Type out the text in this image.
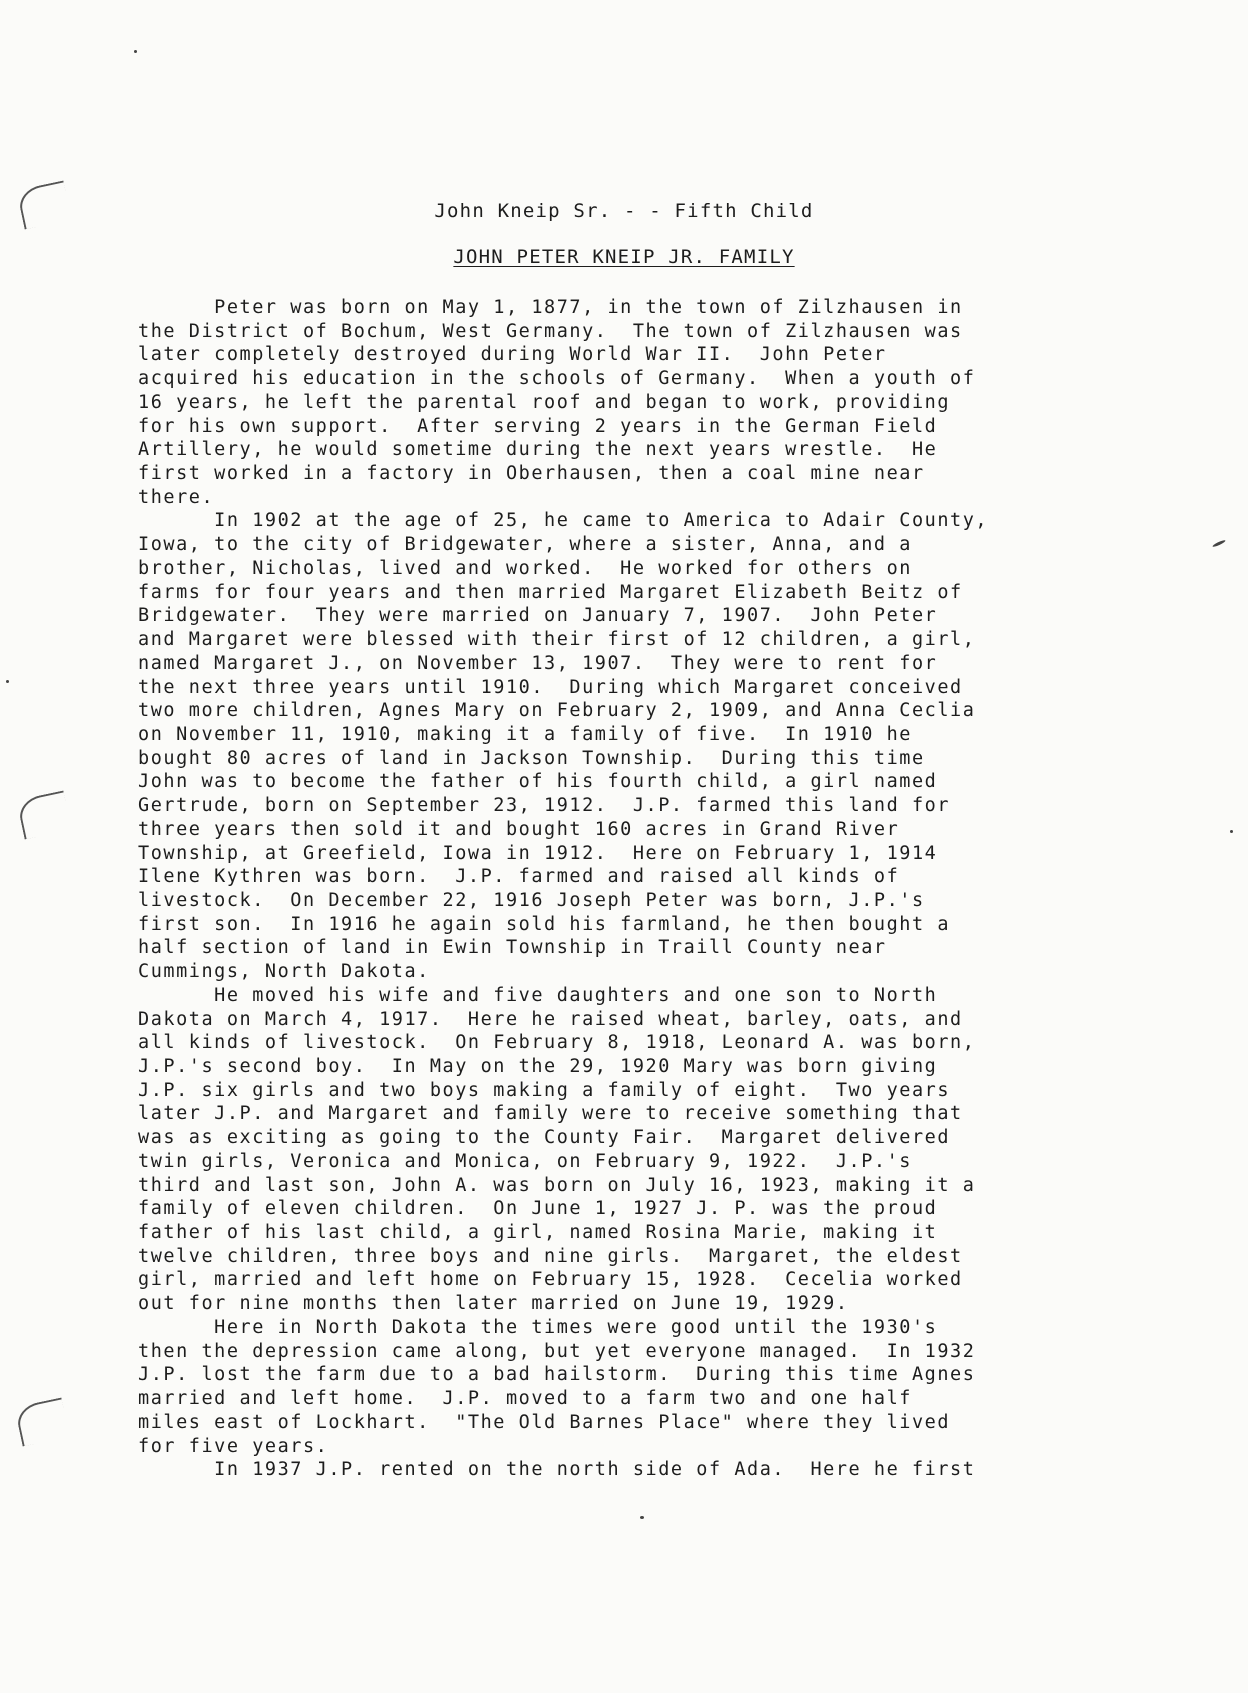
John Kneip Sr. - - Fifth Child

JOHN PETER KNEIP JR. FAMILY

Peter was born on May 1, 1877, in the town of Zilzhausen in
the District of Bochum, West Germany.  The town of Zilzhausen was
later completely destroyed during World War II.  John Peter
acquired his education in the schools of Germany.  When a youth of
16 years, he left the parental roof and began to work, providing
for his own support.  After serving 2 years in the German Field
Artillery, he would sometime during the next years wrestle.  He
first worked in a factory in Oberhausen, then a coal mine near
there.
In 1902 at the age of 25, he came to America to Adair County,
Iowa, to the city of Bridgewater, where a sister, Anna, and a
brother, Nicholas, lived and worked.  He worked for others on
farms for four years and then married Margaret Elizabeth Beitz of
Bridgewater.  They were married on January 7, 1907.  John Peter
and Margaret were blessed with their first of 12 children, a girl,
named Margaret J., on November 13, 1907.  They were to rent for
the next three years until 1910.  During which Margaret conceived
two more children, Agnes Mary on February 2, 1909, and Anna Ceclia
on November 11, 1910, making it a family of five.  In 1910 he
bought 80 acres of land in Jackson Township.  During this time
John was to become the father of his fourth child, a girl named
Gertrude, born on September 23, 1912.  J.P. farmed this land for
three years then sold it and bought 160 acres in Grand River
Township, at Greefield, Iowa in 1912.  Here on February 1, 1914
Ilene Kythren was born.  J.P. farmed and raised all kinds of
livestock.  On December 22, 1916 Joseph Peter was born, J.P.'s
first son.  In 1916 he again sold his farmland, he then bought a
half section of land in Ewin Township in Traill County near
Cummings, North Dakota.
He moved his wife and five daughters and one son to North
Dakota on March 4, 1917.  Here he raised wheat, barley, oats, and
all kinds of livestock.  On February 8, 1918, Leonard A. was born,
J.P.'s second boy.  In May on the 29, 1920 Mary was born giving
J.P. six girls and two boys making a family of eight.  Two years
later J.P. and Margaret and family were to receive something that
was as exciting as going to the County Fair.  Margaret delivered
twin girls, Veronica and Monica, on February 9, 1922.  J.P.'s
third and last son, John A. was born on July 16, 1923, making it a
family of eleven children.  On June 1, 1927 J. P. was the proud
father of his last child, a girl, named Rosina Marie, making it
twelve children, three boys and nine girls.  Margaret, the eldest
girl, married and left home on February 15, 1928.  Cecelia worked
out for nine months then later married on June 19, 1929.
Here in North Dakota the times were good until the 1930's
then the depression came along, but yet everyone managed.  In 1932
J.P. lost the farm due to a bad hailstorm.  During this time Agnes
married and left home.  J.P. moved to a farm two and one half
miles east of Lockhart.  "The Old Barnes Place" where they lived
for five years.
In 1937 J.P. rented on the north side of Ada.  Here he first
